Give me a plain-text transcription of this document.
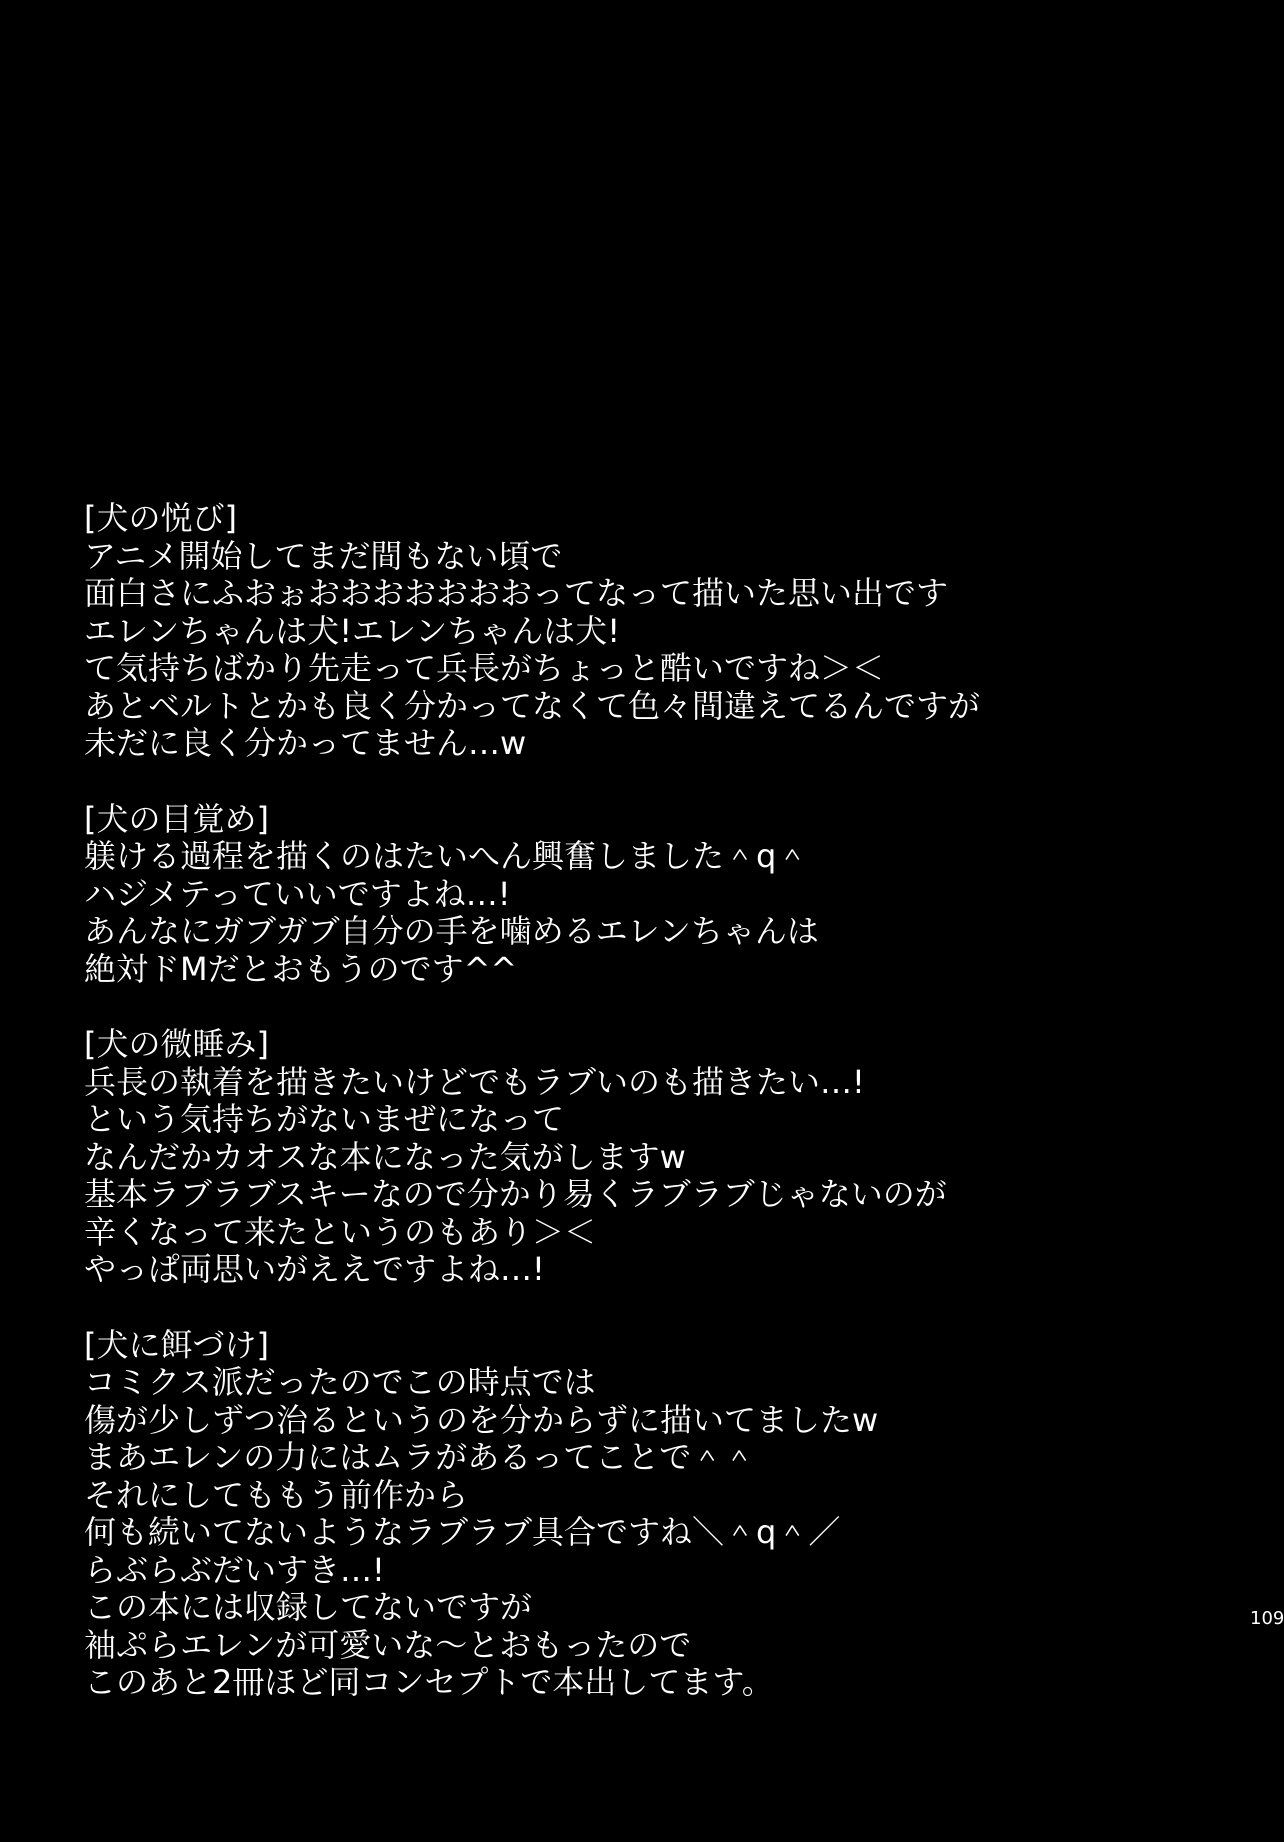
[犬の悦び]
アニメ開始してまだ間もない頃で
面白さにふおぉおおおおおおおってなって描いた思い出です
エレンちゃんは犬!エレンちゃんは犬!
て気持ちばかり先走って兵長がちょっと酷いですね＞＜
あとベルトとかも良く分かってなくて色々間違えてるんですが
未だに良く分かってません…w
[犬の目覚め]
躾ける過程を描くのはたいへん興奮しました＾q＾
ハジメテっていいですよね…!
あんなにガブガブ自分の手を噛めるエレンちゃんは
絶対ドMだとおもうのです^^
[犬の微睡み]
兵長の執着を描きたいけどでもラブいのも描きたい…!
という気持ちがないまぜになって
なんだかカオスな本になった気がしますw
基本ラブラブスキーなので分かり易くラブラブじゃないのが
辛くなって来たというのもあり＞＜
やっぱ両思いがええですよね…!
[犬に餌づけ]
コミクス派だったのでこの時点では
傷が少しずつ治るというのを分からずに描いてましたw
まあエレンの力にはムラがあるってことで＾＾
それにしてももう前作から
何も続いてないようなラブラブ具合ですね＼＾q＾／
らぶらぶだいすき…!
この本には収録してないですが
袖ぷらエレンが可愛いな～とおもったので
このあと2冊ほど同コンセプトで本出してます。
109
